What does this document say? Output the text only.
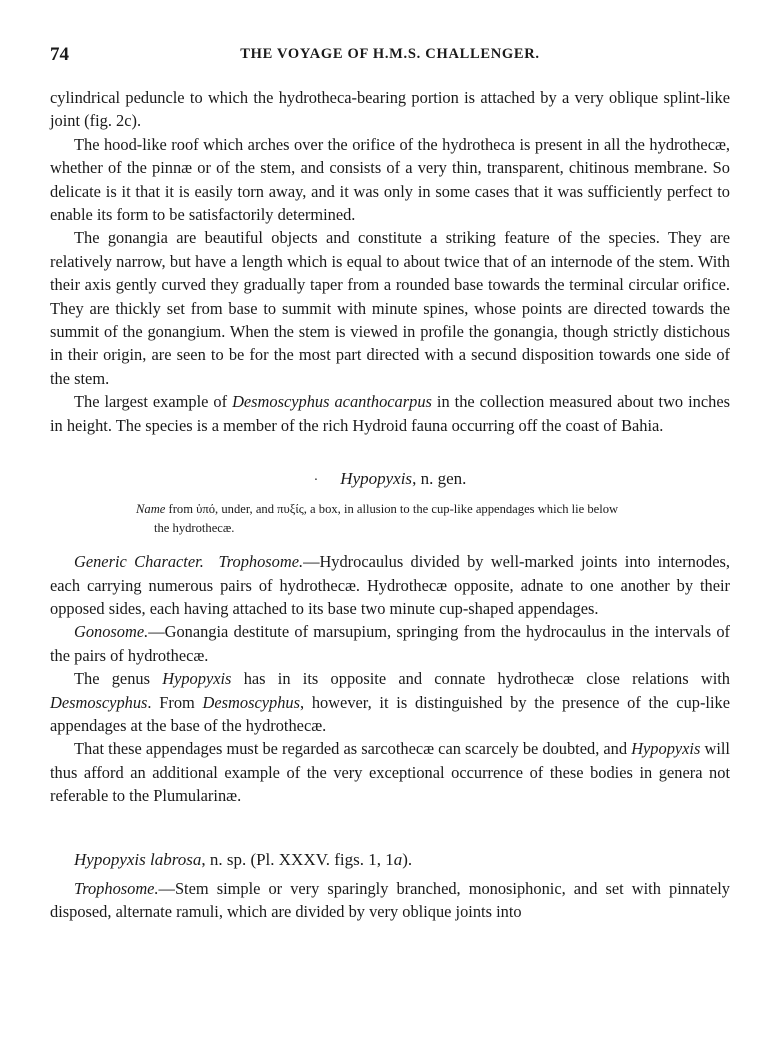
74	THE VOYAGE OF H.M.S. CHALLENGER.

cylindrical peduncle to which the hydrotheca-bearing portion is attached by a very oblique splint-like joint (fig. 2c).

The hood-like roof which arches over the orifice of the hydrotheca is present in all the hydrothecæ, whether of the pinnæ or of the stem, and consists of a very thin, transparent, chitinous membrane. So delicate is it that it is easily torn away, and it was only in some cases that it was sufficiently perfect to enable its form to be satisfactorily determined.

The gonangia are beautiful objects and constitute a striking feature of the species. They are relatively narrow, but have a length which is equal to about twice that of an internode of the stem. With their axis gently curved they gradually taper from a rounded base towards the terminal circular orifice. They are thickly set from base to summit with minute spines, whose points are directed towards the summit of the gonangium. When the stem is viewed in profile the gonangia, though strictly distichous in their origin, are seen to be for the most part directed with a secund disposition towards one side of the stem.

The largest example of Desmoscyphus acanthocarpus in the collection measured about two inches in height. The species is a member of the rich Hydroid fauna occurring off the coast of Bahia.

· Hypopyxis, n. gen.
Name from ὑπό, under, and πυξίς, a box, in allusion to the cup-like appendages which lie below
the hydrothecæ.

Generic Character. Trophosome.—Hydrocaulus divided by well-marked joints into internodes, each carrying numerous pairs of hydrothecæ. Hydrothecæ opposite, adnate to one another by their opposed sides, each having attached to its base two minute cup-shaped appendages.

Gonosome.—Gonangia destitute of marsupium, springing from the hydrocaulus in the intervals of the pairs of hydrothecæ.

The genus Hypopyxis has in its opposite and connate hydrothecæ close relations with Desmoscyphus. From Desmoscyphus, however, it is distinguished by the presence of the cup-like appendages at the base of the hydrothecæ.

That these appendages must be regarded as sarcothecæ can scarcely be doubted, and Hypopyxis will thus afford an additional example of the very exceptional occurrence of these bodies in genera not referable to the Plumularinæ.

Hypopyxis labrosa, n. sp. (Pl. XXXV. figs. 1, 1a).

Trophosome.—Stem simple or very sparingly branched, monosiphonic, and set with pinnately disposed, alternate ramuli, which are divided by very oblique joints into
